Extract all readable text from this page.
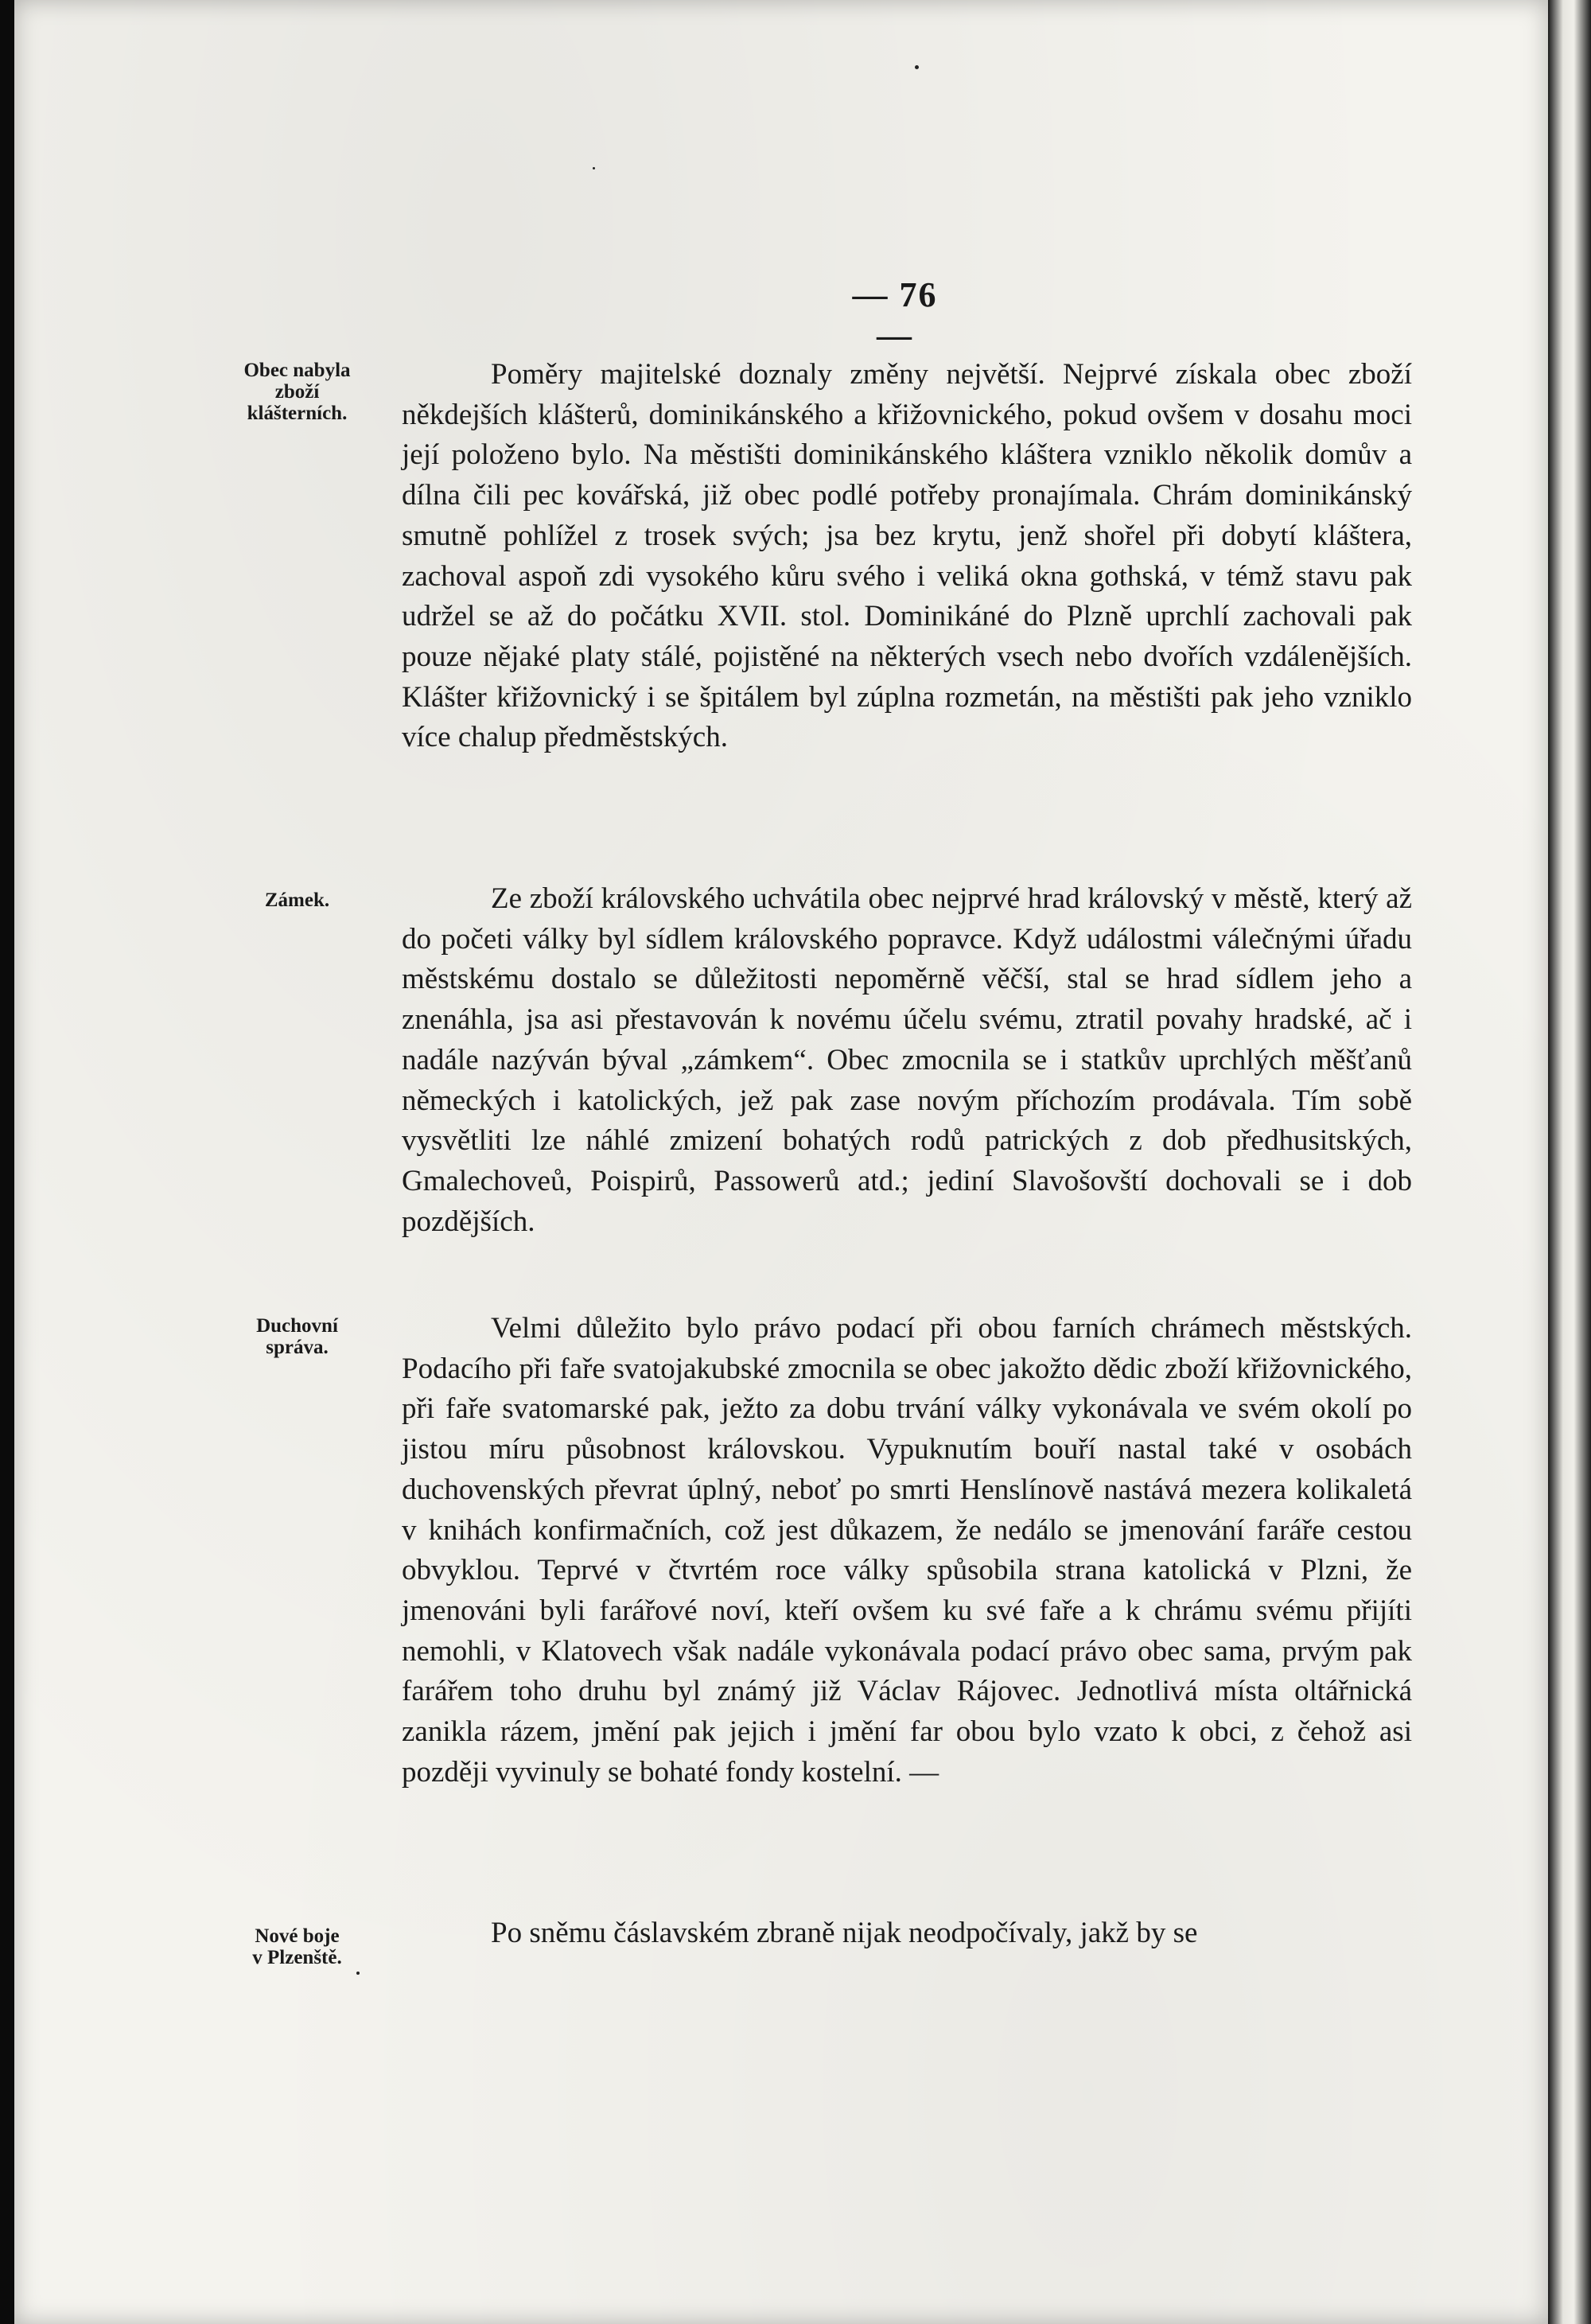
— 76 —
Obec nabyla
zboží
klášterních.
Zámek.
Duchovní
správa.
Nové boje
v Plzenště.

Poměry majitelské doznaly změny největší. Nejprvé získala obec zboží někdejších klášterů, dominikánského a křižovnického, pokud ovšem v dosahu moci její položeno bylo. Na městišti dominikánského kláštera vzniklo několik domův a dílna čili pec kovářská, již obec podlé potřeby pronajímala. Chrám dominikánský smutně pohlížel z trosek svých; jsa bez krytu, jenž shořel při dobytí kláštera, zachoval aspoň zdi vysokého kůru svého i veliká okna gothská, v témž stavu pak udržel se až do počátku XVII. stol. Dominikáné do Plzně uprchlí zachovali pak pouze nějaké platy stálé, pojistěné na některých vsech nebo dvořích vzdálenějších. Klášter křižovnický i se špitálem byl zúplna rozmetán, na městišti pak jeho vzniklo více chalup předměstských.

Ze zboží královského uchvátila obec nejprvé hrad královský v městě, který až do početi války byl sídlem královského popravce. Když událostmi válečnými úřadu městskému dostalo se důležitosti nepoměrně věčší, stal se hrad sídlem jeho a znenáhla, jsa asi přestavován k novému účelu svému, ztratil povahy hradské, ač i nadále nazýván býval „zámkem“. Obec zmocnila se i statkův uprchlých měšťanů německých i katolických, jež pak zase novým příchozím prodávala. Tím sobě vysvětliti lze náhlé zmizení bohatých rodů patrických z dob předhusitských, Gmalechoveů, Poispirů, Passowerů atd.; jediní Slavošovští dochovali se i dob pozdějších.

Velmi důležito bylo právo podací při obou farních chrámech městských. Podacího při faře svatojakubské zmocnila se obec jakožto dědic zboží křižovnického, při faře svatomarské pak, ježto za dobu trvání války vykonávala ve svém okolí po jistou míru působnost královskou. Vypuknutím bouří nastal také v osobách duchovenských převrat úplný, neboť po smrti Henslínově nastává mezera kolikaletá v knihách konfirmačních, což jest důkazem, že nedálo se jmenování faráře cestou obvyklou. Teprvé v čtvrtém roce války spůsobila strana katolická v Plzni, že jmenováni byli farářové noví, kteří ovšem ku své faře a k chrámu svému přijíti nemohli, v Klatovech však nadále vykonávala podací právo obec sama, prvým pak farářem toho druhu byl známý již Václav Rájovec. Jednotlivá místa oltářnická zanikla rázem, jmění pak jejich i jmění far obou bylo vzato k obci, z čehož asi později vyvinuly se bohaté fondy kostelní. —

Po sněmu čáslavském zbraně nijak neodpočívaly, jakž by se
